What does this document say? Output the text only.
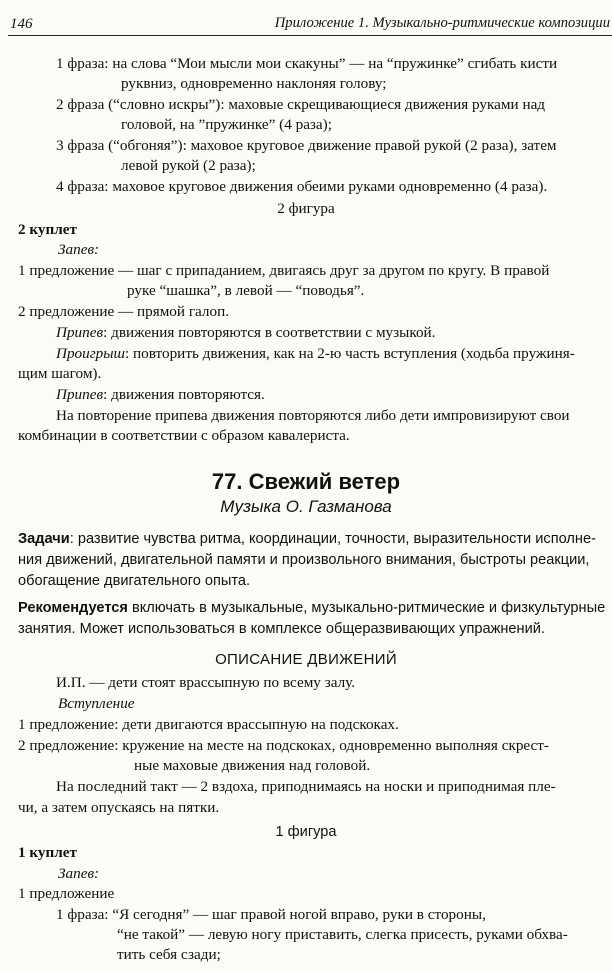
146	Приложение 1. Музыкально-ритмические композиции
1 фраза: на слова “Мои мысли мои скакуны” — на “пружинке” сгибать кисти
руквниз, одновременно наклоняя голову;
2 фраза (“словно искры”): маховые скрещивающиеся движения руками над
головой, на ”пружинке” (4 раза);
3 фраза (“обгоняя”): маховое круговое движение правой рукой (2 раза), затем
левой рукой (2 раза);
4 фраза: маховое круговое движения обеими руками одновременно (4 раза).
2 фигура
2 куплет
Запев:
1 предложение — шаг с припаданием, двигаясь друг за другом по кругу. В правой
руке “шашка”, в левой — “поводья”.
2 предложение — прямой галоп.
Припев: движения повторяются в соответствии с музыкой.
Проигрыш: повторить движения, как на 2-ю часть вступления (ходьба пружиня-
щим шагом).
Припев: движения повторяются.
На повторение припева движения повторяются либо дети импровизируют свои
комбинации в соответствии с образом кавалериста.
77. Свежий ветер
Музыка О. Газманова
Задачи: развитие чувства ритма, координации, точности, выразительности исполне-
ния движений, двигательной памяти и произвольного внимания, быстроты реакции,
обогащение двигательного опыта.
Рекомендуется включать в музыкальные, музыкально-ритмические и физкультурные
занятия. Может использоваться в комплексе общеразвивающих упражнений.
ОПИСАНИЕ ДВИЖЕНИЙ
И.П. — дети стоят врассыпную по всему залу.
Вступление
1 предложение: дети двигаются врассыпную на подскоках.
2 предложение: кружение на месте на подскоках, одновременно выполняя скрест-
ные маховые движения над головой.
На последний такт — 2 вздоха, приподнимаясь на носки и приподнимая пле-
чи, а затем опускаясь на пятки.
1 фигура
1 куплет
Запев:
1 предложение
1 фраза: “Я сегодня” — шаг правой ногой вправо, руки в стороны,
“не такой” — левую ногу приставить, слегка присесть, руками обхва-
тить себя сзади;
